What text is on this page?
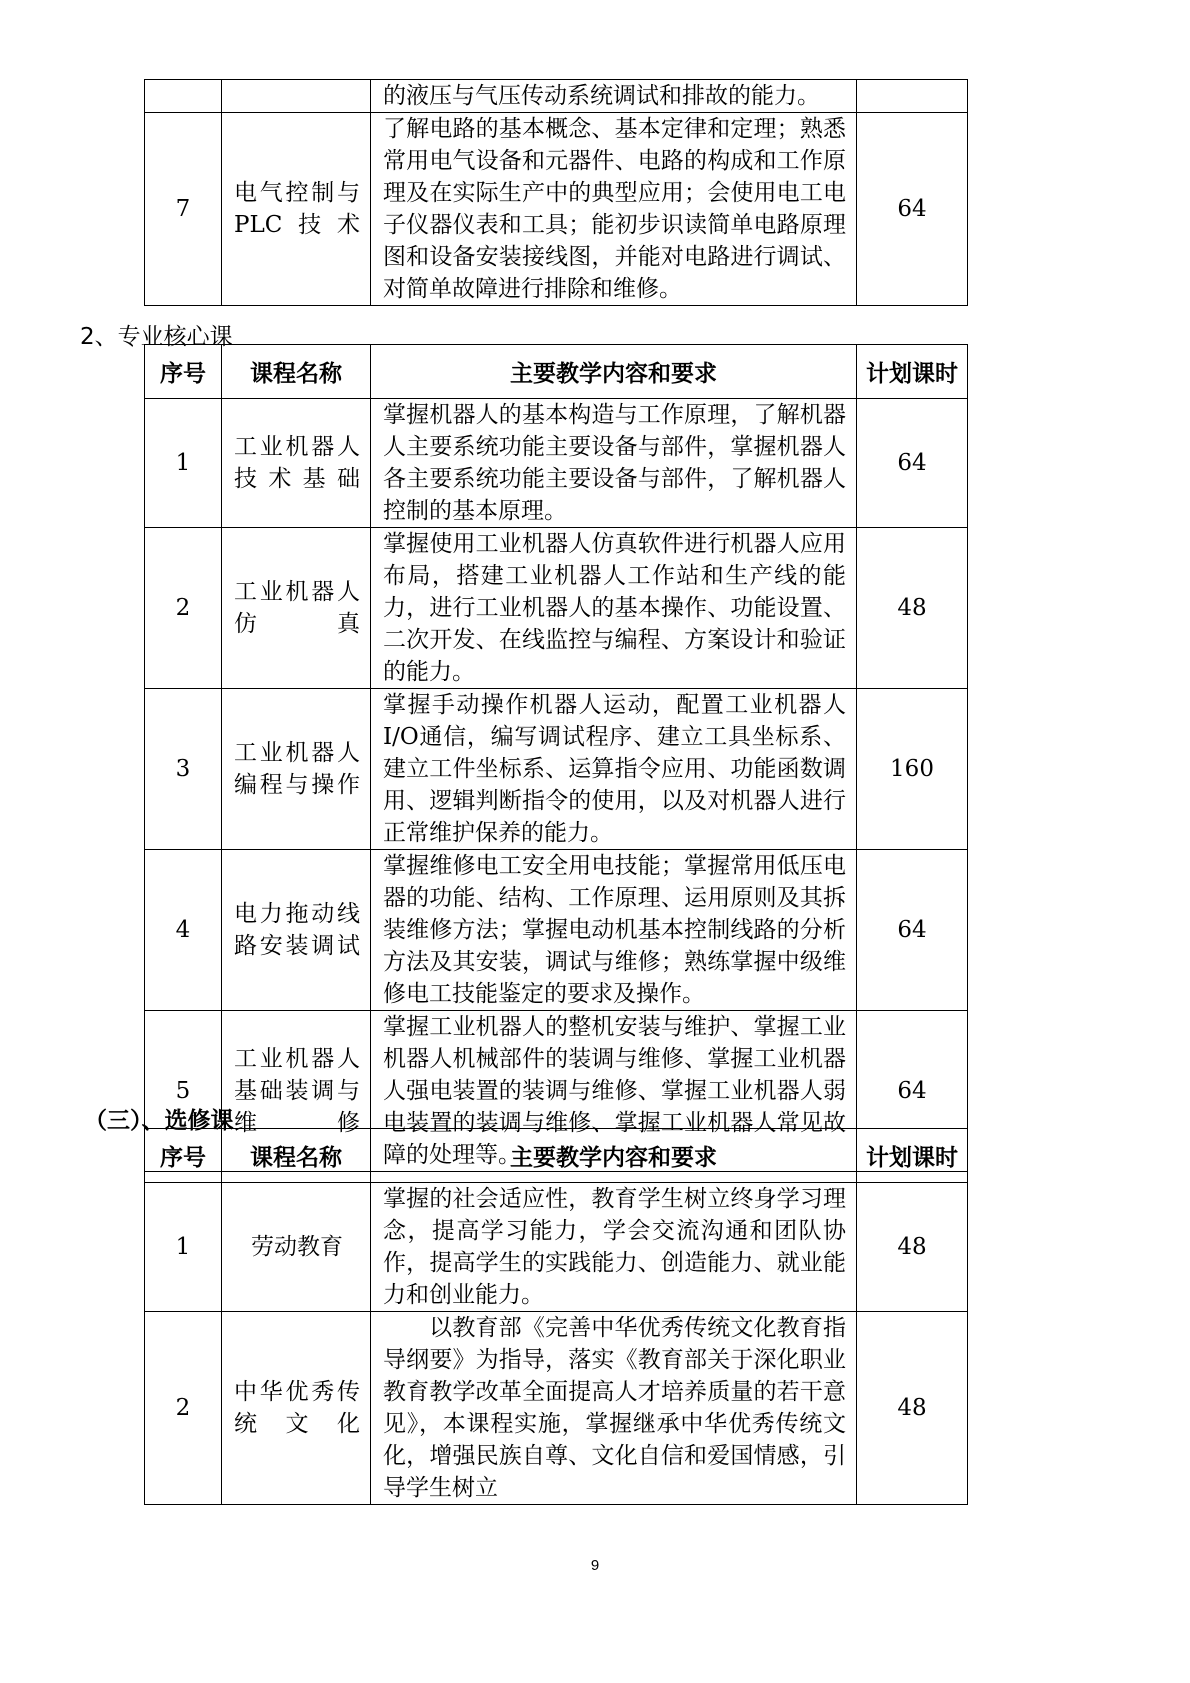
		的液压与气压传动系统调试和排故的能力。	
7	电气控制与PLC技术	了解电路的基本概念、基本定律和定理；熟悉常用电气设备和元器件、电路的构成和工作原理及在实际生产中的典型应用；会使用电工电子仪器仪表和工具；能初步识读简单电路原理图和设备安装接线图，并能对电路进行调试、对简单故障进行排除和维修。	64
2、专业核心课
序号	课程名称	主要教学内容和要求	计划课时
1	工业机器人技术基础	掌握机器人的基本构造与工作原理，了解机器人主要系统功能主要设备与部件，掌握机器人各主要系统功能主要设备与部件，了解机器人控制的基本原理。	64
2	工业机器人仿真	掌握使用工业机器人仿真软件进行机器人应用布局，搭建工业机器人工作站和生产线的能力，进行工业机器人的基本操作、功能设置、二次开发、在线监控与编程、方案设计和验证的能力。	48
3	工业机器人编程与操作	掌握手动操作机器人运动，配置工业机器人I/O通信，编写调试程序、建立工具坐标系、建立工件坐标系、运算指令应用、功能函数调用、逻辑判断指令的使用，以及对机器人进行正常维护保养的能力。	160
4	电力拖动线路安装调试	掌握维修电工安全用电技能；掌握常用低压电器的功能、结构、工作原理、运用原则及其拆装维修方法；掌握电动机基本控制线路的分析方法及其安装，调试与维修；熟练掌握中级维修电工技能鉴定的要求及操作。	64
5	工业机器人基础装调与维修	掌握工业机器人的整机安装与维护、掌握工业机器人机械部件的装调与维修、掌握工业机器人强电装置的装调与维修、掌握工业机器人弱电装置的装调与维修、掌握工业机器人常见故障的处理等。	64
（三）、选修课
序号	课程名称	主要教学内容和要求	计划课时
1	劳动教育	掌握的社会适应性，教育学生树立终身学习理念，提高学习能力，学会交流沟通和团队协作，提高学生的实践能力、创造能力、就业能力和创业能力。	48
2	中华优秀传统文化	以教育部《完善中华优秀传统文化教育指导纲要》为指导，落实《教育部关于深化职业教育教学改革全面提高人才培养质量的若干意见》，本课程实施，掌握继承中华优秀传统文化，增强民族自尊、文化自信和爱国情感，引导学生树立	48
9
